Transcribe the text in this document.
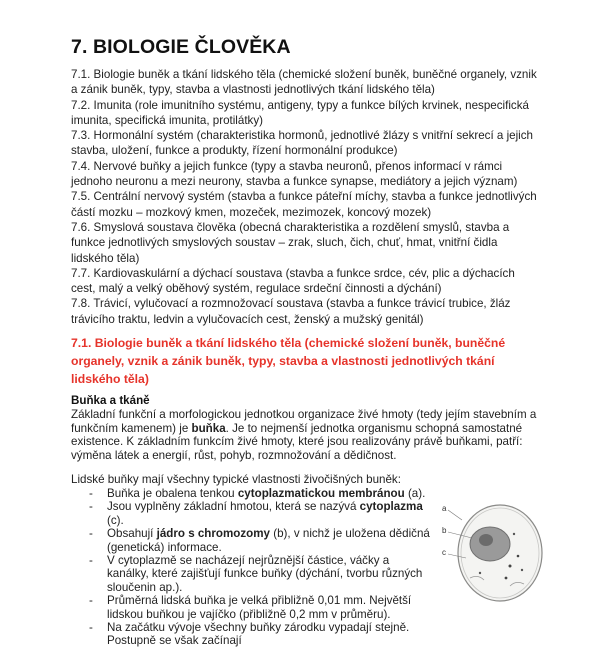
7. BIOLOGIE ČLOVĚKA
7.1. Biologie buněk a tkání lidského těla (chemické složení buněk, buněčné organely, vznik a zánik buněk, typy, stavba a vlastnosti jednotlivých tkání lidského těla)
7.2. Imunita (role imunitního systému, antigeny, typy a funkce bílých krvinek, nespecifická imunita, specifická imunita, protilátky)
7.3. Hormonální systém (charakteristika hormonů, jednotlivé žlázy s vnitřní sekrecí a jejich stavba, uložení, funkce a produkty, řízení hormonální produkce)
7.4. Nervové buňky a jejich funkce (typy a stavba neuronů, přenos informací v rámci jednoho neuronu a mezi neurony, stavba a funkce synapse, mediátory a jejich význam)
7.5. Centrální nervový systém (stavba a funkce páteřní míchy, stavba a funkce jednotlivých částí mozku – mozkový kmen, mozeček, mezimozek, koncový mozek)
7.6. Smyslová soustava člověka (obecná charakteristika a rozdělení smyslů, stavba a funkce jednotlivých smyslových soustav – zrak, sluch, čich, chuť, hmat, vnitřní čidla lidského těla)
7.7. Kardiovaskulární a dýchací soustava (stavba a funkce srdce, cév, plic a dýchacích cest, malý a velký oběhový systém, regulace srdeční činnosti a dýchání)
7.8. Trávicí, vylučovací a rozmnožovací soustava (stavba a funkce trávicí trubice, žláz trávicího traktu, ledvin a vylučovacích cest, ženský a mužský genitál)

7.1. Biologie buněk a tkání lidského těla (chemické složení buněk, buněčné organely, vznik a zánik buněk, typy, stavba a vlastnosti jednotlivých tkání lidského těla)

Buňka a tkáně

Základní funkční a morfologickou jednotkou organizace živé hmoty (tedy jejím stavebním a funkčním kamenem) je buňka. Je to nejmenší jednotka organismu schopná samostatné existence. K základním funkcím živé hmoty, které jsou realizovány právě buňkami, patří: výměna látek a energií, růst, pohyb, rozmnožování a dědičnost.

Lidské buňky mají všechny typické vlastnosti živočišných buněk:

- Buňka je obalena tenkou cytoplazmatickou membránou (a).
- Jsou vyplněny základní hmotou, která se nazývá cytoplazma (c).
- Obsahují jádro s chromozomy (b), v nichž je uložena dědičná (genetická) informace.
- V cytoplazmě se nacházejí nejrůznější částice, váčky a kanálky, které zajišťují funkce buňky (dýchání, tvorbu různých sloučenin ap.).
- Průměrná lidská buňka je velká přibližně 0,01 mm. Největší lidskou buňkou je vajíčko (přibližně 0,2 mm v průměru).
- Na začátku vývoje všechny buňky zárodku vypadají stejně. Postupně se však začínají
a
b
c
